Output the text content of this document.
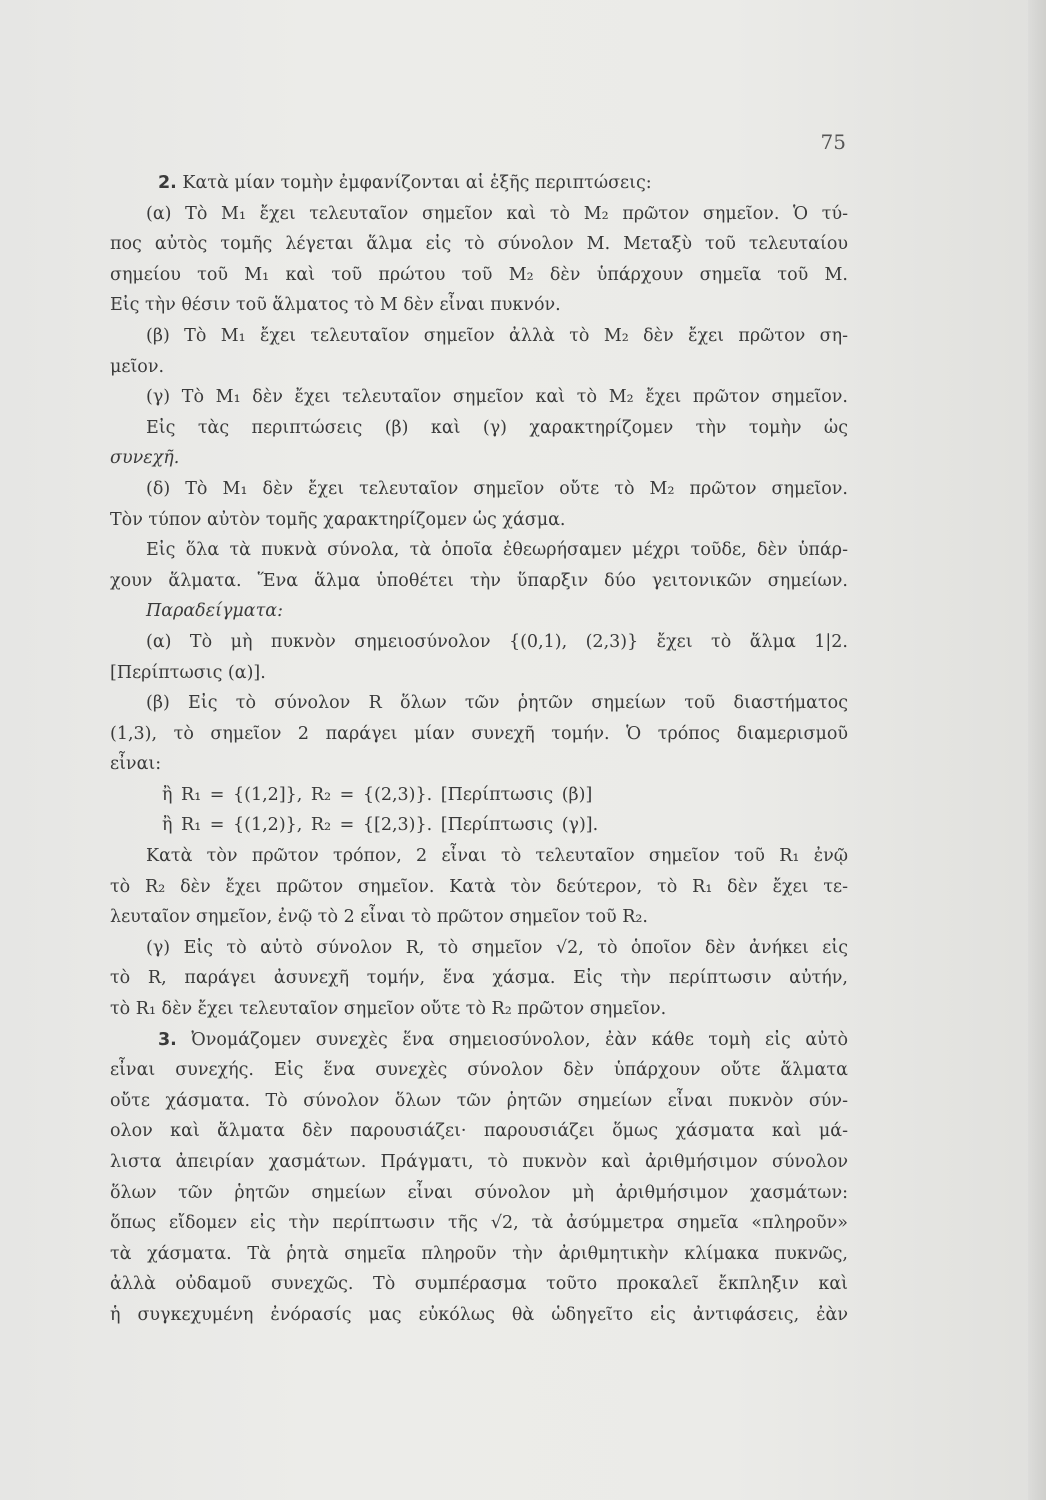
75
2. Κατὰ μίαν τομὴν ἐμφανίζονται αἱ ἑξῆς περιπτώσεις:
(α) Τὸ M₁ ἔχει τελευταῖον σημεῖον καὶ τὸ M₂ πρῶτον σημεῖον. Ὁ τύ-
πος αὐτὸς τομῆς λέγεται ἅλμα εἰς τὸ σύνολον M. Μεταξὺ τοῦ τελευταίου
σημείου τοῦ M₁ καὶ τοῦ πρώτου τοῦ M₂ δὲν ὑπάρχουν σημεῖα τοῦ M.
Εἰς τὴν θέσιν τοῦ ἅλματος τὸ M δὲν εἶναι πυκνόν.
(β) Τὸ M₁ ἔχει τελευταῖον σημεῖον ἀλλὰ τὸ M₂ δὲν ἔχει πρῶτον ση-
μεῖον.
(γ) Τὸ M₁ δὲν ἔχει τελευταῖον σημεῖον καὶ τὸ M₂ ἔχει πρῶτον σημεῖον.
Εἰς τὰς περιπτώσεις (β) καὶ (γ) χαρακτηρίζομεν τὴν τομὴν ὡς
συνεχῆ.
(δ) Τὸ M₁ δὲν ἔχει τελευταῖον σημεῖον οὔτε τὸ M₂ πρῶτον σημεῖον.
Τὸν τύπον αὐτὸν τομῆς χαρακτηρίζομεν ὡς χάσμα.
Εἰς ὅλα τὰ πυκνὰ σύνολα, τὰ ὁποῖα ἐθεωρήσαμεν μέχρι τοῦδε, δὲν ὑπάρ-
χουν ἅλματα. Ἕνα ἅλμα ὑποθέτει τὴν ὕπαρξιν δύο γειτονικῶν σημείων.
Παραδείγματα:
(α) Τὸ μὴ πυκνὸν σημειοσύνολον {(0,1), (2,3)} ἔχει τὸ ἅλμα 1|2.
[Περίπτωσις (α)].
(β) Εἰς τὸ σύνολον R ὅλων τῶν ῥητῶν σημείων τοῦ διαστήματος
(1,3), τὸ σημεῖον 2 παράγει μίαν συνεχῆ τομήν. Ὁ τρόπος διαμερισμοῦ
εἶναι:
ἢ R₁ = {(1,2]}, R₂ = {(2,3)}. [Περίπτωσις (β)]
ἢ R₁ = {(1,2)}, R₂ = {[2,3)}. [Περίπτωσις (γ)].
Κατὰ τὸν πρῶτον τρόπον, 2 εἶναι τὸ τελευταῖον σημεῖον τοῦ R₁ ἐνῷ
τὸ R₂ δὲν ἔχει πρῶτον σημεῖον. Κατὰ τὸν δεύτερον, τὸ R₁ δὲν ἔχει τε-
λευταῖον σημεῖον, ἐνῷ τὸ 2 εἶναι τὸ πρῶτον σημεῖον τοῦ R₂.
(γ) Εἰς τὸ αὐτὸ σύνολον R, τὸ σημεῖον √2, τὸ ὁποῖον δὲν ἀνήκει εἰς
τὸ R, παράγει ἀσυνεχῆ τομήν, ἕνα χάσμα. Εἰς τὴν περίπτωσιν αὐτήν,
τὸ R₁ δὲν ἔχει τελευταῖον σημεῖον οὔτε τὸ R₂ πρῶτον σημεῖον.
3. Ὀνομάζομεν συνεχὲς ἕνα σημειοσύνολον, ἐὰν κάθε τομὴ εἰς αὐτὸ
εἶναι συνεχής. Εἰς ἕνα συνεχὲς σύνολον δὲν ὑπάρχουν οὔτε ἅλματα
οὔτε χάσματα. Τὸ σύνολον ὅλων τῶν ῥητῶν σημείων εἶναι πυκνὸν σύν-
ολον καὶ ἅλματα δὲν παρουσιάζει· παρουσιάζει ὅμως χάσματα καὶ μά-
λιστα ἀπειρίαν χασμάτων. Πράγματι, τὸ πυκνὸν καὶ ἀριθμήσιμον σύνολον
ὅλων τῶν ῥητῶν σημείων εἶναι σύνολον μὴ ἀριθμήσιμον χασμάτων:
ὅπως εἴδομεν εἰς τὴν περίπτωσιν τῆς √2, τὰ ἀσύμμετρα σημεῖα «πληροῦν»
τὰ χάσματα. Τὰ ῥητὰ σημεῖα πληροῦν τὴν ἀριθμητικὴν κλίμακα πυκνῶς,
ἀλλὰ οὐδαμοῦ συνεχῶς. Τὸ συμπέρασμα τοῦτο προκαλεῖ ἔκπληξιν καὶ
ἡ συγκεχυμένη ἐνόρασίς μας εὐκόλως θὰ ὡδηγεῖτο εἰς ἀντιφάσεις, ἐὰν
